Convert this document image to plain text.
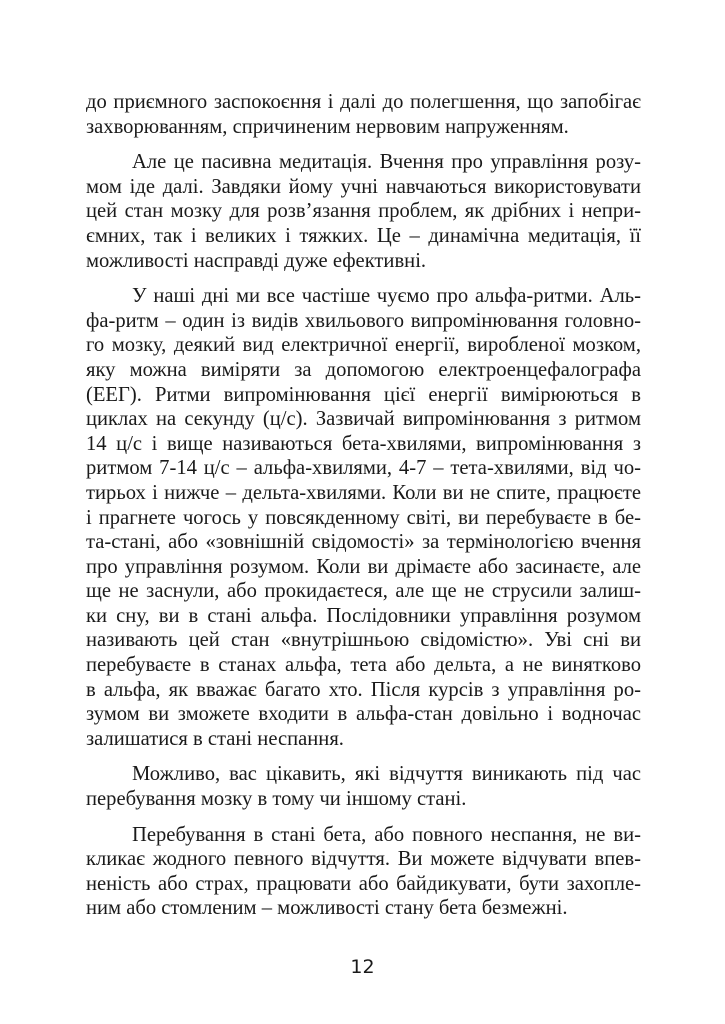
до приємного заспокоєння і далі до полегшення, що запобігає
захворюванням, спричиненим нервовим напруженням.

Але це пасивна медитація. Вчення про управління розу-
мом іде далі. Завдяки йому учні навчаються використовувати
цей стан мозку для розв’язання проблем, як дрібних і непри-
ємних, так і великих і тяжких. Це – динамічна медитація, її
можливості насправді дуже ефективні.

У наші дні ми все частіше чуємо про альфа-ритми. Аль-
фа-ритм – один із видів хвильового випромінювання головно-
го мозку, деякий вид електричної енергії, виробленої мозком,
яку можна виміряти за допомогою електроенцефалографа
(ЕЕГ). Ритми випромінювання цієї енергії вимірюються в
циклах на секунду (ц/с). Зазвичай випромінювання з ритмом
14 ц/с і вище називаються бета-хвилями, випромінювання з
ритмом 7-14 ц/с – альфа-хвилями, 4-7 – тета-хвилями, від чо-
тирьох і нижче – дельта-хвилями. Коли ви не спите, працюєте
і прагнете чогось у повсякденному світі, ви перебуваєте в бе-
та-стані, або «зовнішній свідомості» за термінологією вчення
про управління розумом. Коли ви дрімаєте або засинаєте, але
ще не заснули, або прокидаєтеся, але ще не струсили залиш-
ки сну, ви в стані альфа. Послідовники управління розумом
називають цей стан «внутрішньою свідомістю». Уві сні ви
перебуваєте в станах альфа, тета або дельта, а не винятково
в альфа, як вважає багато хто. Після курсів з управління ро-
зумом ви зможете входити в альфа-стан довільно і водночас
залишатися в стані неспання.

Можливо, вас цікавить, які відчуття виникають під час
перебування мозку в тому чи іншому стані.

Перебування в стані бета, або повного неспання, не ви-
кликає жодного певного відчуття. Ви можете відчувати впев-
неність або страх, працювати або байдикувати, бути захопле-
ним або стомленим – можливості стану бета безмежні.

12
